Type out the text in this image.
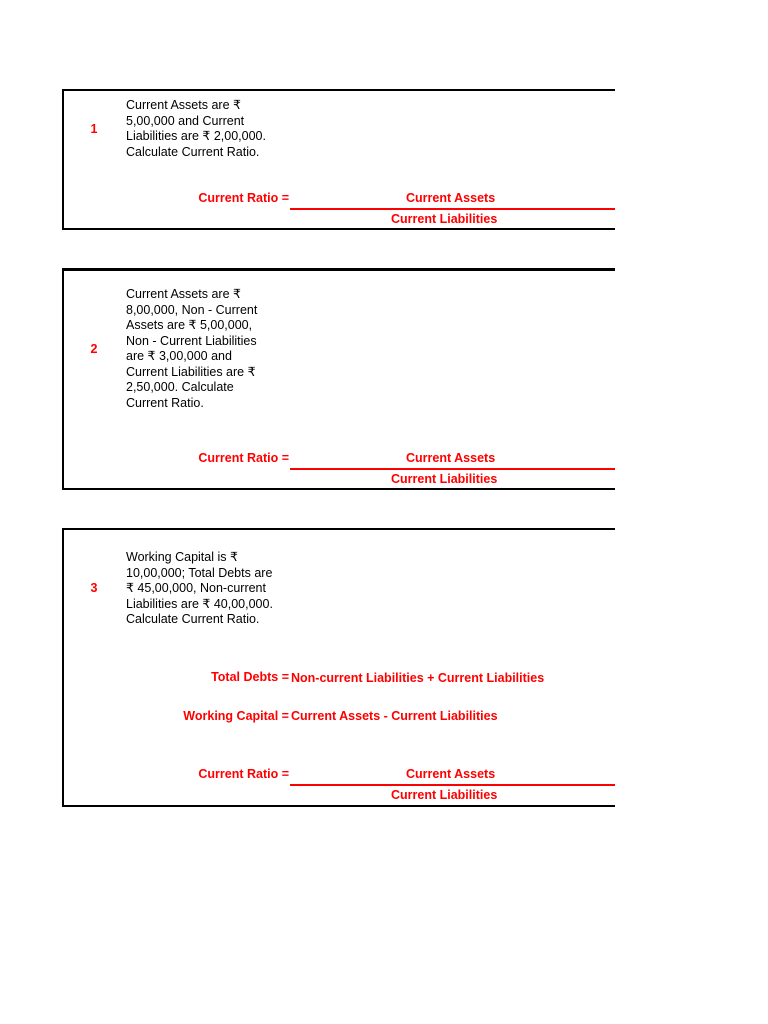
1
Current Assets are ₹
5,00,000 and Current
Liabilities are ₹ 2,00,000.
Calculate Current Ratio.
Current Ratio =	Current Assets
Current Liabilities
2
Current Assets are ₹
8,00,000, Non - Current
Assets are ₹ 5,00,000,
Non - Current Liabilities
are ₹ 3,00,000 and
Current Liabilities are ₹
2,50,000. Calculate
Current Ratio.
Current Ratio =	Current Assets
Current Liabilities
3
Working Capital is ₹
10,00,000; Total Debts are
₹ 45,00,000, Non-current
Liabilities are ₹ 40,00,000.
Calculate Current Ratio.
Total Debts = Non-current Liabilities + Current Liabilities
Working Capital = Current Assets - Current Liabilities
Current Ratio =	Current Assets
Current Liabilities
